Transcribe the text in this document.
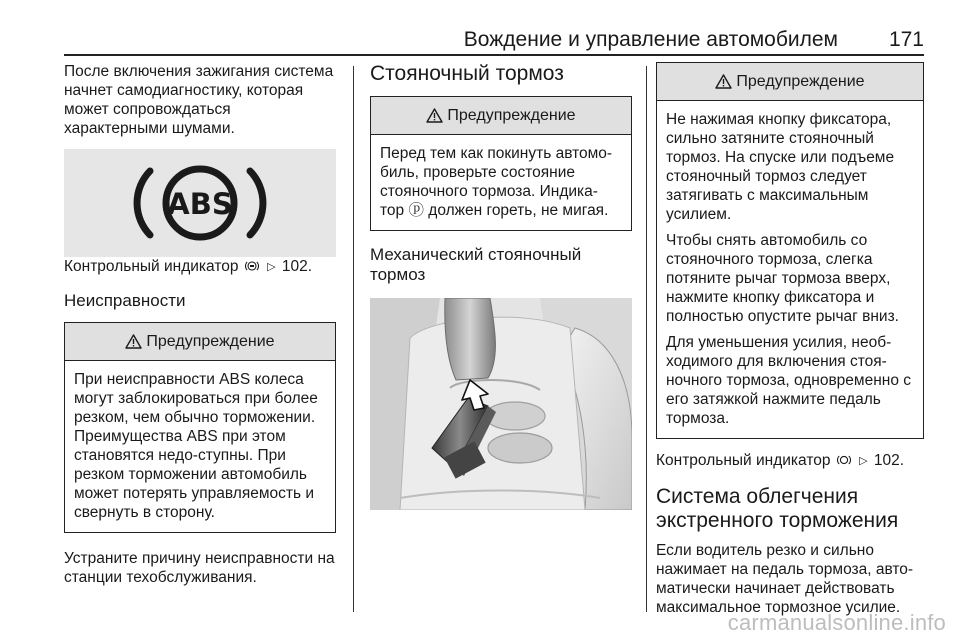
Вождение и управление автомобилем 171

После включения зажигания система начнет самодиагностику, которая может сопровождаться характерными шумами.

ABS

Контрольный индикатор	▷ 102.

Неисправности
Предупреждение

При неисправности ABS колеса могут заблокироваться при более резком, чем обычно торможении. Преимущества ABS при этом становятся недо-ступны. При резком торможении автомобиль может потерять управляемость и свернуть в сторону.

Устраните причину неисправности на станции техобслуживания.

Стояночный тормоз
Предупреждение

Перед тем как покинуть автомо-биль, проверьте состояние стояночного тормоза. Индика-тор ⓟ должен гореть, не мигая.

Механический стояночный тормоз
Предупреждение

Не нажимая кнопку фиксатора, сильно затяните стояночный тормоз. На спуске или подъеме стояночный тормоз следует затягивать с максимальным усилием.

Чтобы снять автомобиль со стояночного тормоза, слегка потяните рычаг тормоза вверх, нажмите кнопку фиксатора и полностью опустите рычаг вниз.

Для уменьшения усилия, необ-ходимого для включения стоя-ночного тормоза, одновременно с его затяжкой нажмите педаль тормоза.

Контрольный индикатор	▷ 102.

Система облегчения экстренного торможения

Если водитель резко и сильно нажимает на педаль тормоза, авто-матически начинает действовать максимальное тормозное усилие.

carmanualsonline.info
